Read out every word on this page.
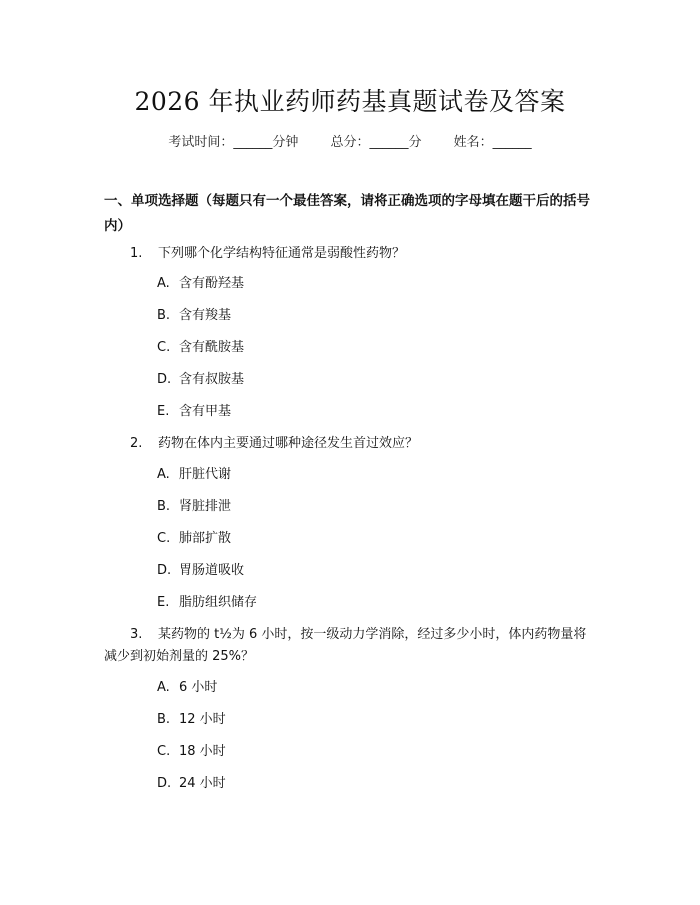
2026 年执业药师药基真题试卷及答案
考试时间：______分钟 总分：______分 姓名：______
一、单项选择题（每题只有一个最佳答案，请将正确选项的字母填在题干后的括号内）
1. 下列哪个化学结构特征通常是弱酸性药物？
A. 含有酚羟基
B. 含有羧基
C. 含有酰胺基
D. 含有叔胺基
E. 含有甲基
2. 药物在体内主要通过哪种途径发生首过效应？
A. 肝脏代谢
B. 肾脏排泄
C. 肺部扩散
D. 胃肠道吸收
E. 脂肪组织储存
3. 某药物的 t½为 6 小时，按一级动力学消除，经过多少小时，体内药物量将减少到初始剂量的 25%？
A. 6 小时
B. 12 小时
C. 18 小时
D. 24 小时
